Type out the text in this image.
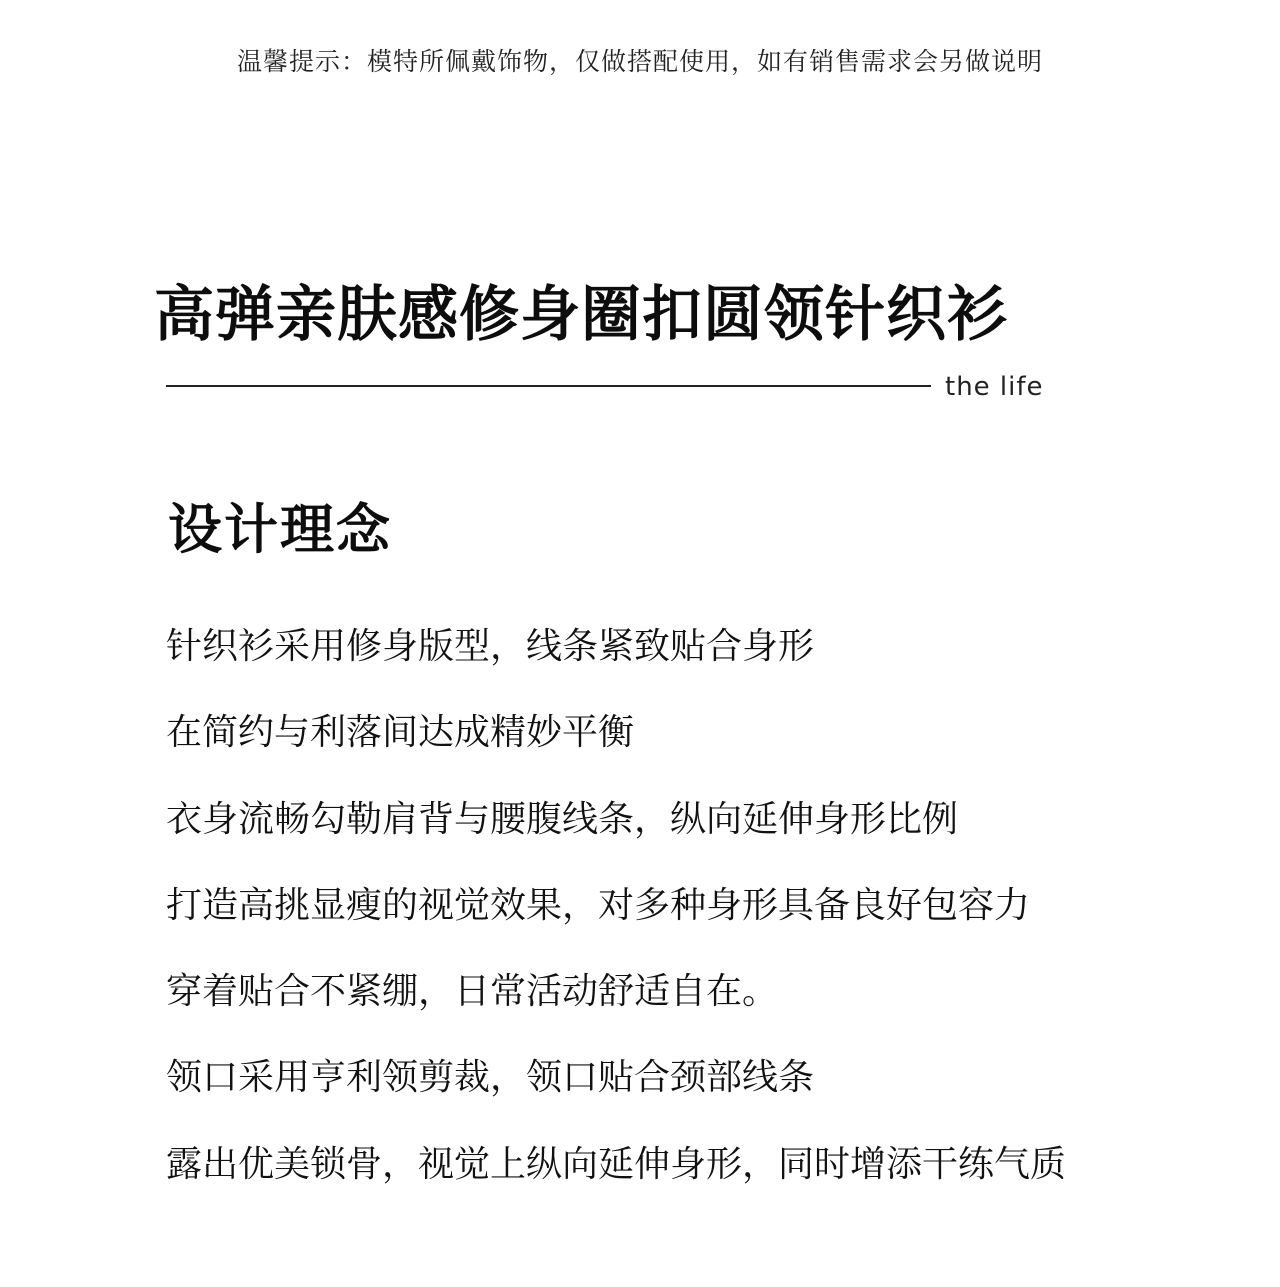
温馨提示：模特所佩戴饰物，仅做搭配使用，如有销售需求会另做说明
高弹亲肤感修身圈扣圆领针织衫
the life
设计理念
针织衫采用修身版型，线条紧致贴合身形
在简约与利落间达成精妙平衡
衣身流畅勾勒肩背与腰腹线条，纵向延伸身形比例
打造高挑显瘦的视觉效果，对多种身形具备良好包容力
穿着贴合不紧绷，日常活动舒适自在。
领口采用亨利领剪裁，领口贴合颈部线条
露出优美锁骨，视觉上纵向延伸身形，同时增添干练气质
